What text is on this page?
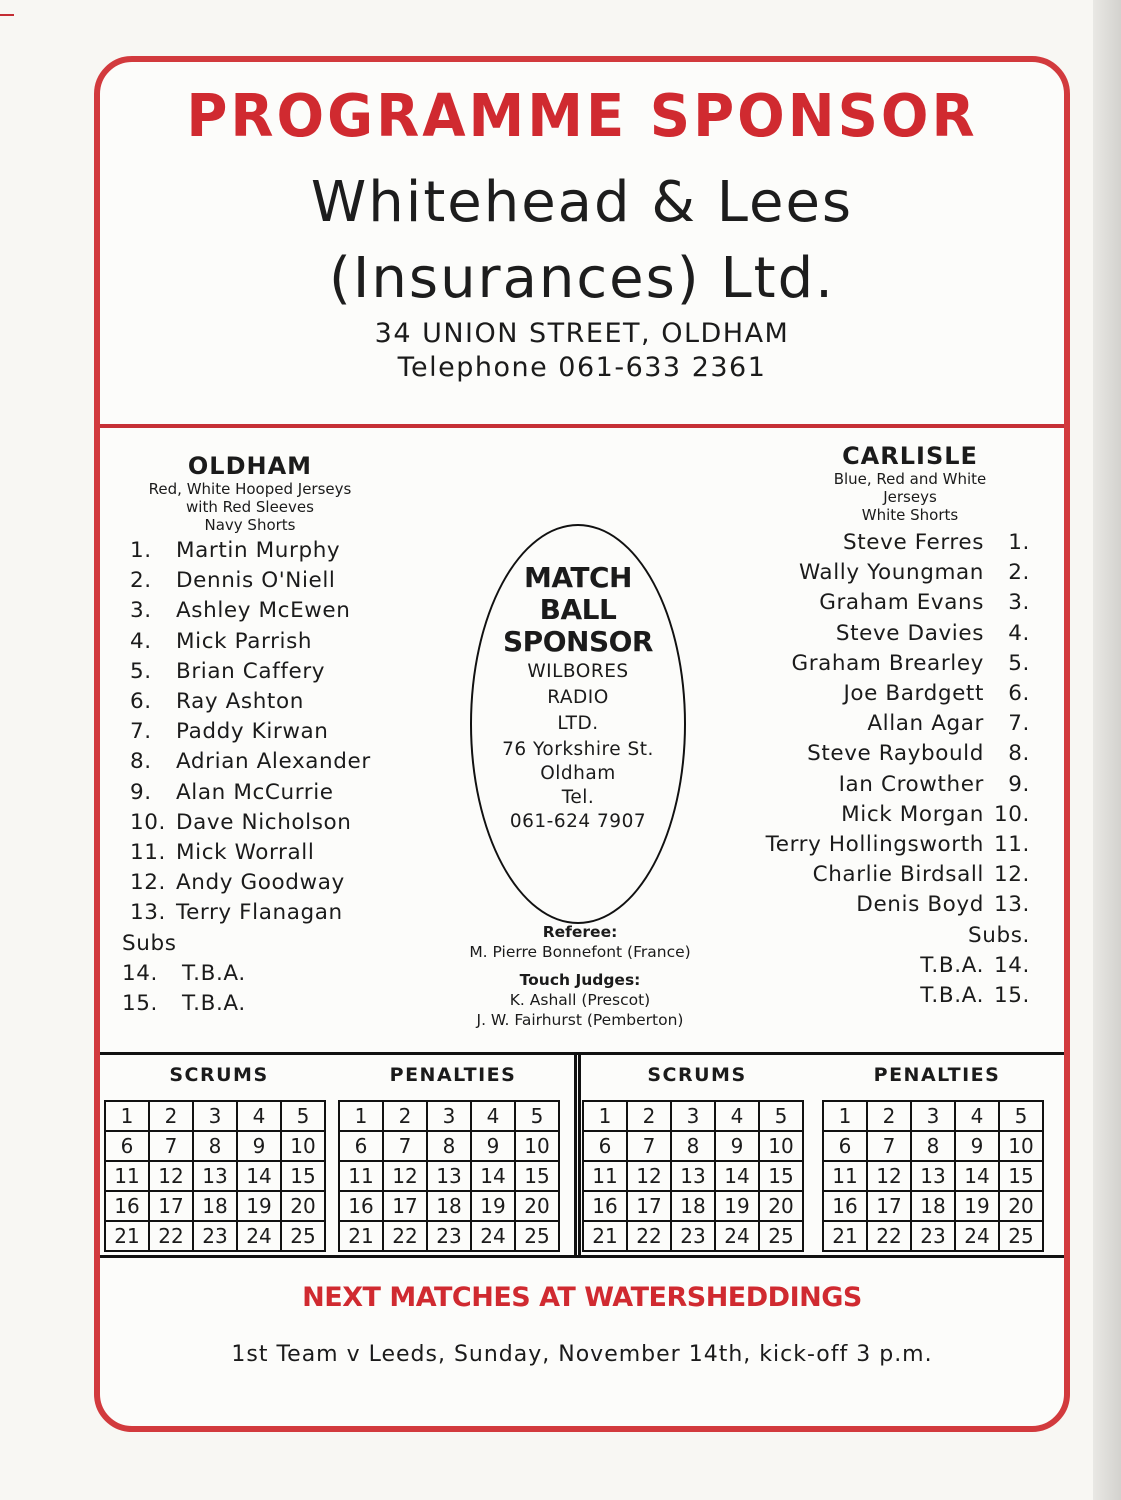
PROGRAMME SPONSOR
Whitehead & Lees
(Insurances) Ltd.
34 UNION STREET, OLDHAM
Telephone 061-633 2361
OLDHAM
Red, White Hooped Jerseys
with Red Sleeves
Navy Shorts
1. Martin Murphy
2. Dennis O'Niell
3. Ashley McEwen
4. Mick Parrish
5. Brian Caffery
6. Ray Ashton
7. Paddy Kirwan
8. Adrian Alexander
9. Alan McCurrie
10. Dave Nicholson
11. Mick Worrall
12. Andy Goodway
13. Terry Flanagan
Subs
14. T.B.A.
15. T.B.A.
CARLISLE
Blue, Red and White
Jerseys
White Shorts
Steve Ferres 1.
Wally Youngman 2.
Graham Evans 3.
Steve Davies 4.
Graham Brearley 5.
Joe Bardgett 6.
Allan Agar 7.
Steve Raybould 8.
Ian Crowther 9.
Mick Morgan 10.
Terry Hollingsworth 11.
Charlie Birdsall 12.
Denis Boyd 13.
Subs.
T.B.A. 14.
T.B.A. 15.
MATCH
BALL
SPONSOR
WILBORES
RADIO
LTD.
76 Yorkshire St.
Oldham
Tel.
061-624 7907
Referee:
M. Pierre Bonnefont (France)
Touch Judges:
K. Ashall (Prescot)
J. W. Fairhurst (Pemberton)
SCRUMS
1	2	3	4	5
6	7	8	9	10
11	12	13	14	15
16	17	18	19	20
21	22	23	24	25
PENALTIES
1	2	3	4	5
6	7	8	9	10
11	12	13	14	15
16	17	18	19	20
21	22	23	24	25
SCRUMS
1	2	3	4	5
6	7	8	9	10
11	12	13	14	15
16	17	18	19	20
21	22	23	24	25
PENALTIES
1	2	3	4	5
6	7	8	9	10
11	12	13	14	15
16	17	18	19	20
21	22	23	24	25
NEXT MATCHES AT WATERSHEDDINGS
1st Team v Leeds, Sunday, November 14th, kick-off 3 p.m.
